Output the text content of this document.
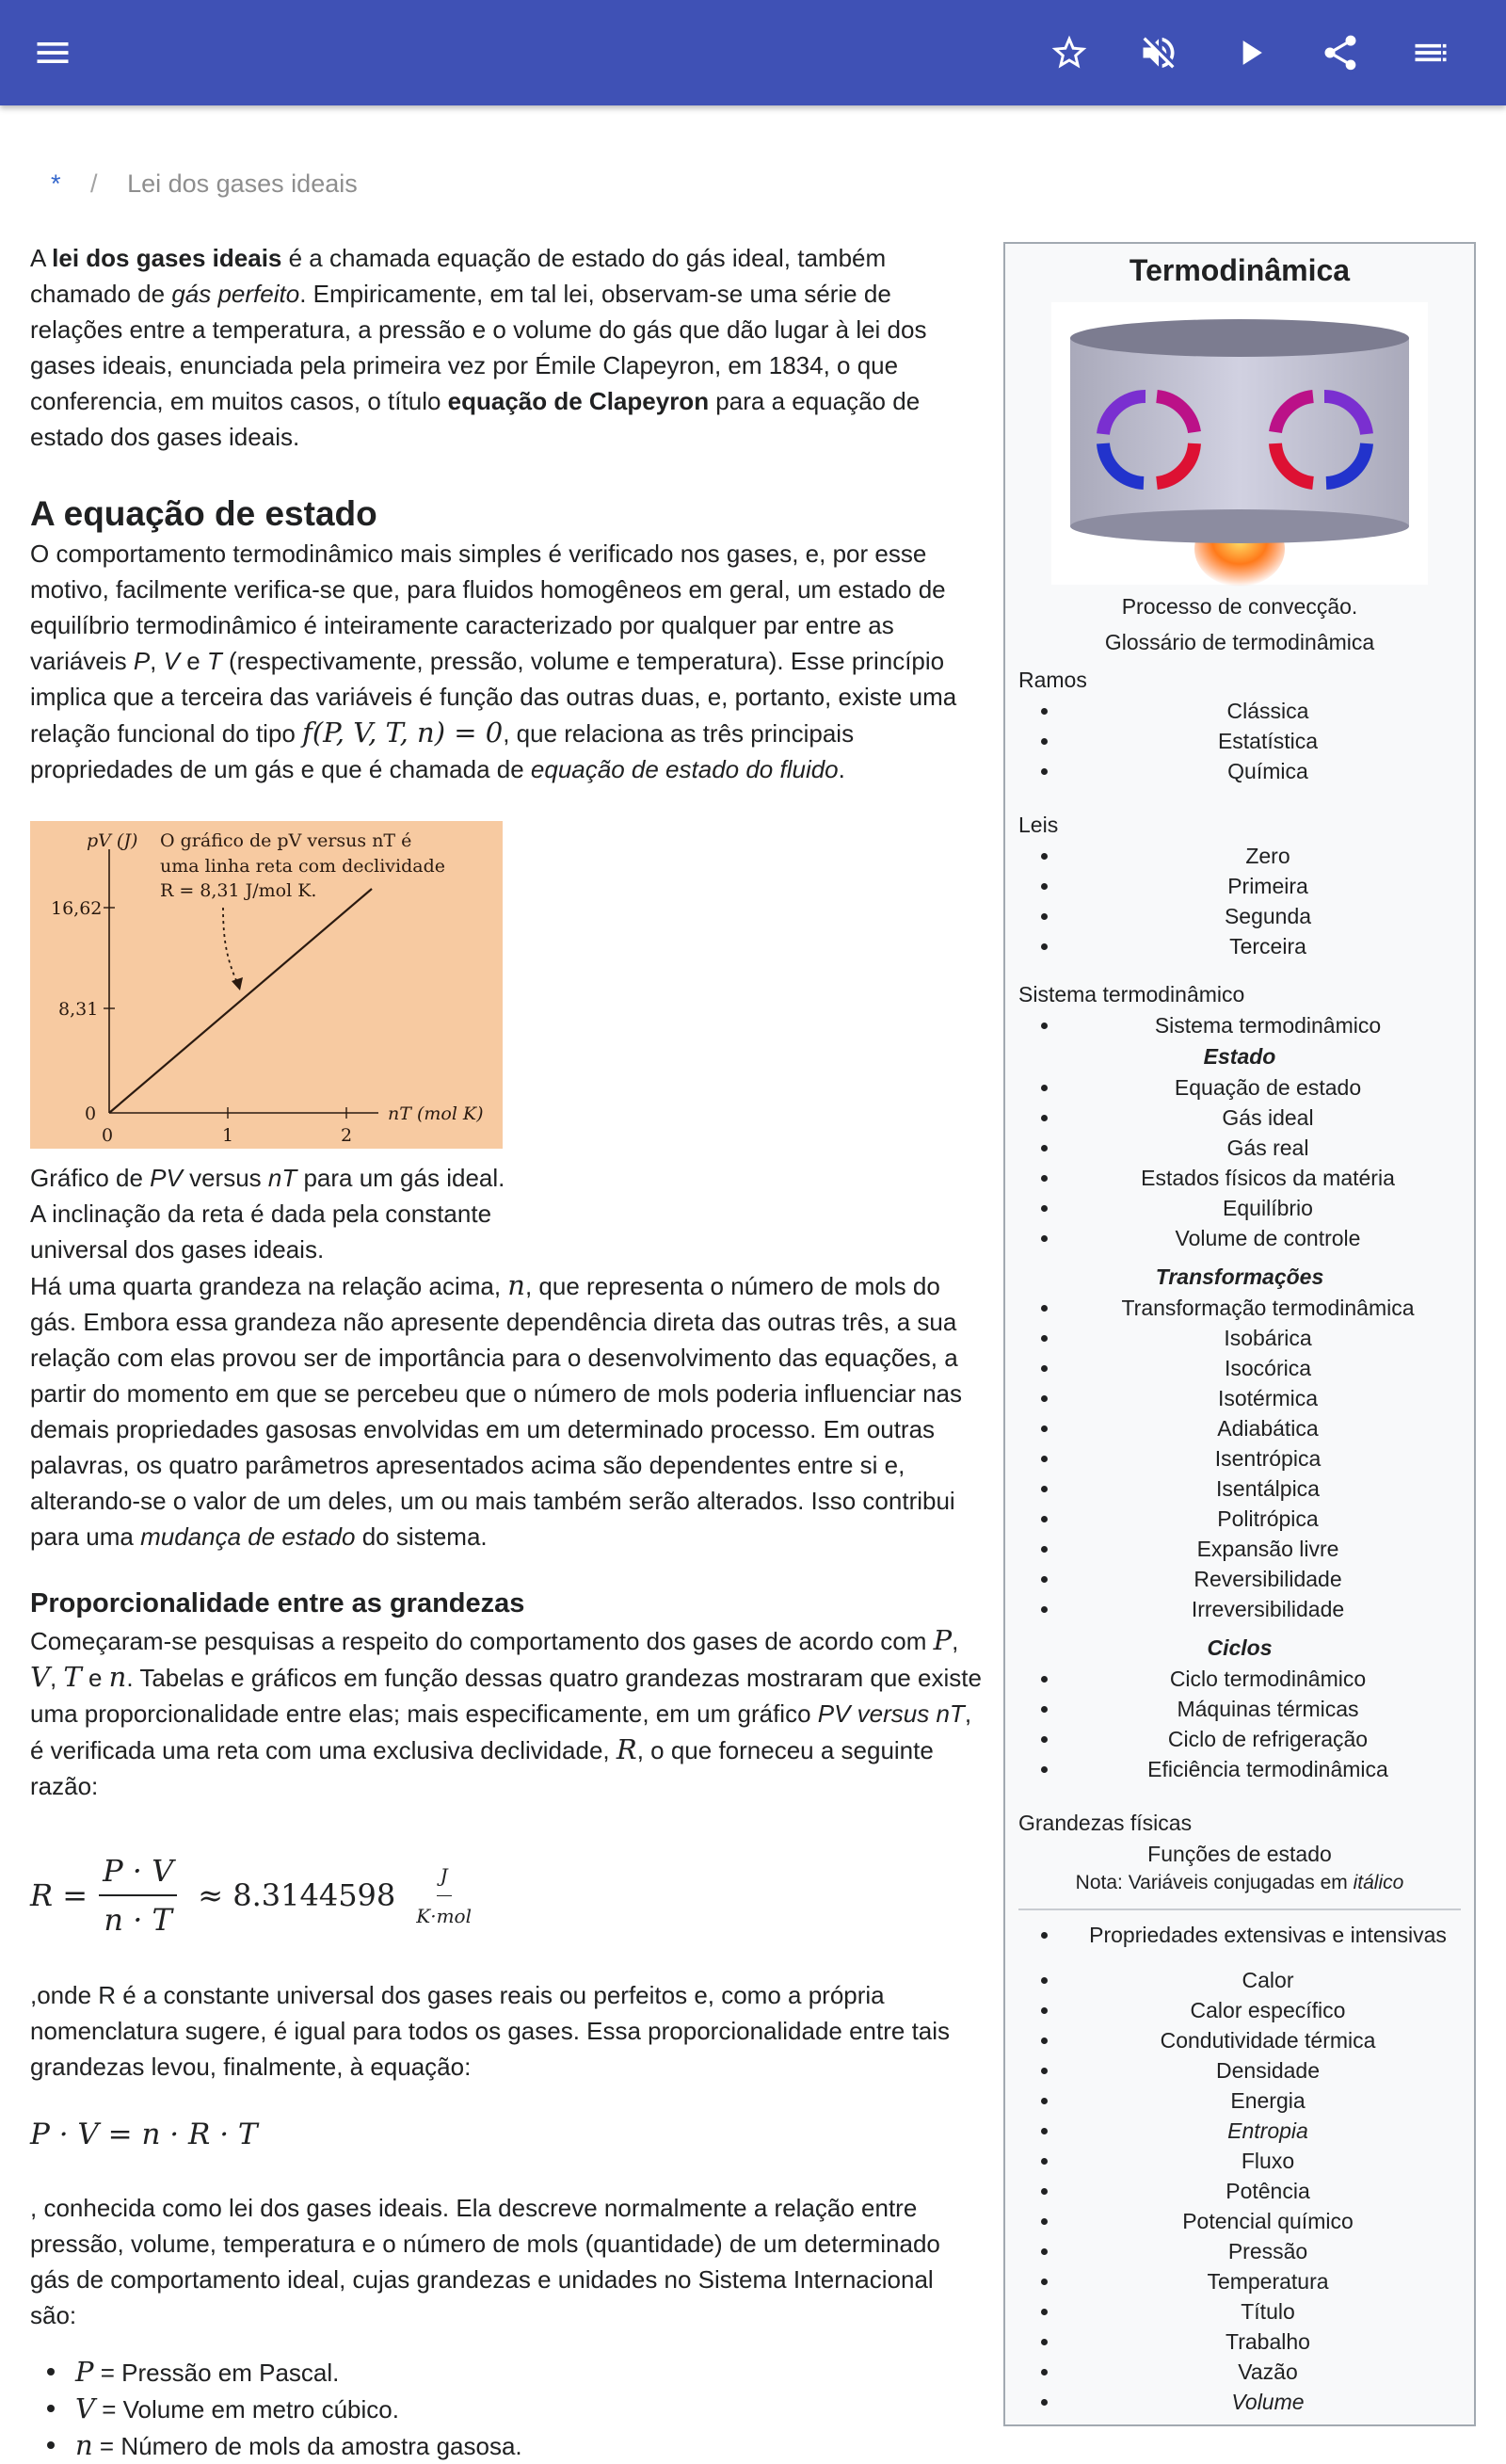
* / Lei dos gases ideais

A lei dos gases ideais é a chamada equação de estado do gás ideal, também chamado de gás perfeito. Empiricamente, em tal lei, observam-se uma série de relações entre a temperatura, a pressão e o volume do gás que dão lugar à lei dos gases ideais, enunciada pela primeira vez por Émile Clapeyron, em 1834, o que conferencia, em muitos casos, o título equação de Clapeyron para a equação de estado dos gases ideais.

A equação de estado

O comportamento termodinâmico mais simples é verificado nos gases, e, por esse motivo, facilmente verifica-se que, para fluidos homogêneos em geral, um estado de equilíbrio termodinâmico é inteiramente caracterizado por qualquer par entre as variáveis P, V e T (respectivamente, pressão, volume e temperatura). Esse princípio implica que a terceira das variáveis é função das outras duas, e, portanto, existe uma relação funcional do tipo f(P, V, T, n) = 0, que relaciona as três principais propriedades de um gás e que é chamada de equação de estado do fluido.

pV (J) O gráfico de pV versus nT é
uma linha reta com declividade
R = 8,31 J/mol K.
16,62
8,31
0
0	1	2
nT (mol K)

Gráfico de PV versus nT para um gás ideal.

A inclinação da reta é dada pela constante universal dos gases ideais.

Há uma quarta grandeza na relação acima, n, que representa o número de mols do gás. Embora essa grandeza não apresente dependência direta das outras três, a sua relação com elas provou ser de importância para o desenvolvimento das equações, a partir do momento em que se percebeu que o número de mols poderia influenciar nas demais propriedades gasosas envolvidas em um determinado processo. Em outras palavras, os quatro parâmetros apresentados acima são dependentes entre si e, alterando-se o valor de um deles, um ou mais também serão alterados. Isso contribui para uma mudança de estado do sistema.

Proporcionalidade entre as grandezas

Começaram-se pesquisas a respeito do comportamento dos gases de acordo com P, V, T e n. Tabelas e gráficos em função dessas quatro grandezas mostraram que existe uma proporcionalidade entre elas; mais especificamente, em um gráfico PV versus nT, é verificada uma reta com uma exclusiva declividade, R, o que forneceu a seguinte razão:

$R = \frac{P \cdot V}{n \cdot T} \approx 8.3144598 \frac{J}{\text{K·mol}}$

,onde R é a constante universal dos gases reais ou perfeitos e, como a própria nomenclatura sugere, é igual para todos os gases. Essa proporcionalidade entre tais grandezas levou, finalmente, à equação:

P · V = n · R · T

, conhecida como lei dos gases ideais. Ela descreve normalmente a relação entre pressão, volume, temperatura e o número de mols (quantidade) de um determinado gás de comportamento ideal, cujas grandezas e unidades no Sistema Internacional são:

P = Pressão em Pascal.
V = Volume em metro cúbico.
n = Número de mols da amostra gasosa.
Termodinâmica
Processo de convecção.
Glossário de termodinâmica
Ramos
Clássica
Estatística
Química
Leis
Zero
Primeira
Segunda
Terceira
Sistema termodinâmico
Sistema termodinâmico
Estado
Equação de estado
Gás ideal
Gás real
Estados físicos da matéria
Equilíbrio
Volume de controle
Transformações
Transformação termodinâmica
Isobárica
Isocórica
Isotérmica
Adiabática
Isentrópica
Isentálpica
Politrópica
Expansão livre
Reversibilidade
Irreversibilidade
Ciclos
Ciclo termodinâmico
Máquinas térmicas
Ciclo de refrigeração
Eficiência termodinâmica
Grandezas físicas
Funções de estado
Nota: Variáveis conjugadas em itálico
Propriedades extensivas e intensivas
Calor
Calor específico
Condutividade térmica
Densidade
Energia
Entropia
Fluxo
Potência
Potencial químico
Pressão
Temperatura
Título
Trabalho
Vazão
Volume
